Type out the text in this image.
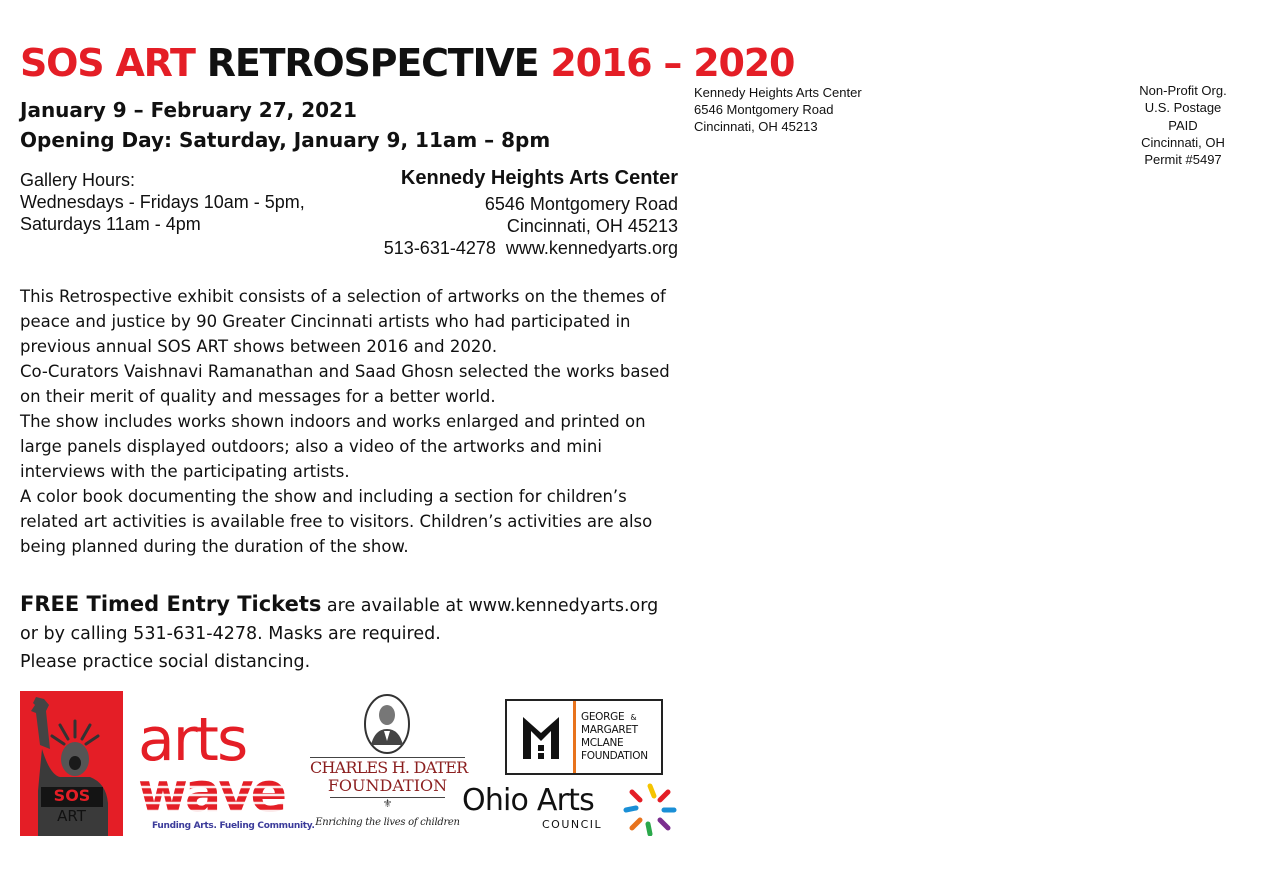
SOS ART RETROSPECTIVE 2016 – 2020
January 9 – February 27, 2021
Opening Day: Saturday, January 9, 11am – 8pm
Gallery Hours:
Wednesdays - Fridays 10am - 5pm,
Saturdays 11am - 4pm
Kennedy Heights Arts Center
6546 Montgomery Road
Cincinnati, OH 45213
513-631-4278 www.kennedyarts.org

This Retrospective exhibit consists of a selection of artworks on the themes of peace and justice by 90 Greater Cincinnati artists who had participated in previous annual SOS ART shows between 2016 and 2020.

Co-Curators Vaishnavi Ramanathan and Saad Ghosn selected the works based on their merit of quality and messages for a better world.

The show includes works shown indoors and works enlarged and printed on large panels displayed outdoors; also a video of the artworks and mini interviews with the participating artists.

A color book documenting the show and including a section for children’s related art activities is available free to visitors. Children’s activities are also being planned during the duration of the show.

FREE Timed Entry Tickets are available at www.kennedyarts.org
or by calling 531-631-4278. Masks are required.
Please practice social distancing.
Kennedy Heights Arts Center
6546 Montgomery Road
Cincinnati, OH 45213
Non-Profit Org.
U.S. Postage
PAID
Cincinnati, OH
Permit #5497
SOS
ART
arts
wave
Funding Arts. Fueling Community.
CHARLES H. DATER
FOUNDATION
⚜
Enriching the lives of children
GEORGE &
MARGARET
MCLANE
FOUNDATION
Ohio Arts
COUNCIL
